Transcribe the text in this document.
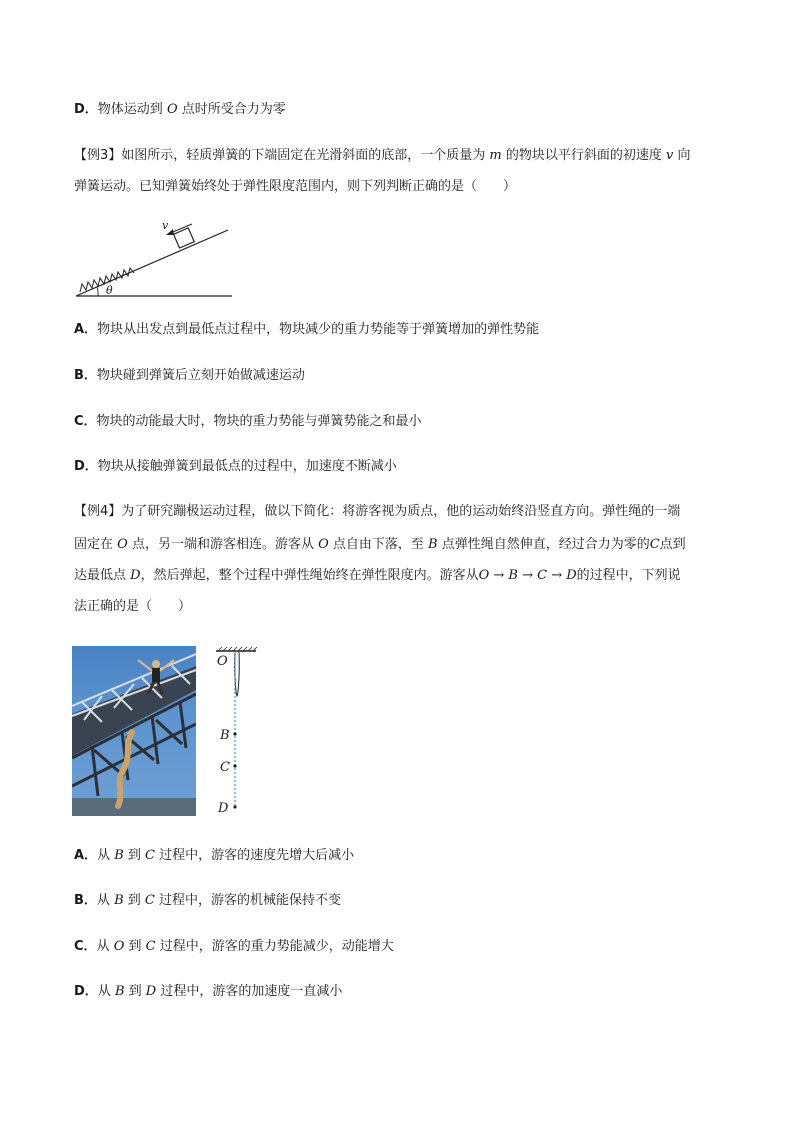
D．物体运动到 O 点时所受合力为零
【例3】如图所示，轻质弹簧的下端固定在光滑斜面的底部，一个质量为 m 的物块以平行斜面的初速度 v 向
弹簧运动。已知弹簧始终处于弹性限度范围内，则下列判断正确的是（　　）
v
θ
A．物块从出发点到最低点过程中，物块减少的重力势能等于弹簧增加的弹性势能
B．物块碰到弹簧后立刻开始做减速运动
C．物块的动能最大时，物块的重力势能与弹簧势能之和最小
D．物块从接触弹簧到最低点的过程中，加速度不断减小
【例4】为了研究蹦极运动过程，做以下简化：将游客视为质点，他的运动始终沿竖直方向。弹性绳的一端
固定在 O 点，另一端和游客相连。游客从 O 点自由下落，至 B 点弹性绳自然伸直，经过合力为零的C点到
达最低点 D，然后弹起，整个过程中弹性绳始终在弹性限度内。游客从O → B → C → D的过程中，下列说
法正确的是（　　）
O
B
C
D
A．从 B 到 C 过程中，游客的速度先增大后减小
B．从 B 到 C 过程中，游客的机械能保持不变
C．从 O 到 C 过程中，游客的重力势能减少，动能增大
D．从 B 到 D 过程中，游客的加速度一直减小
